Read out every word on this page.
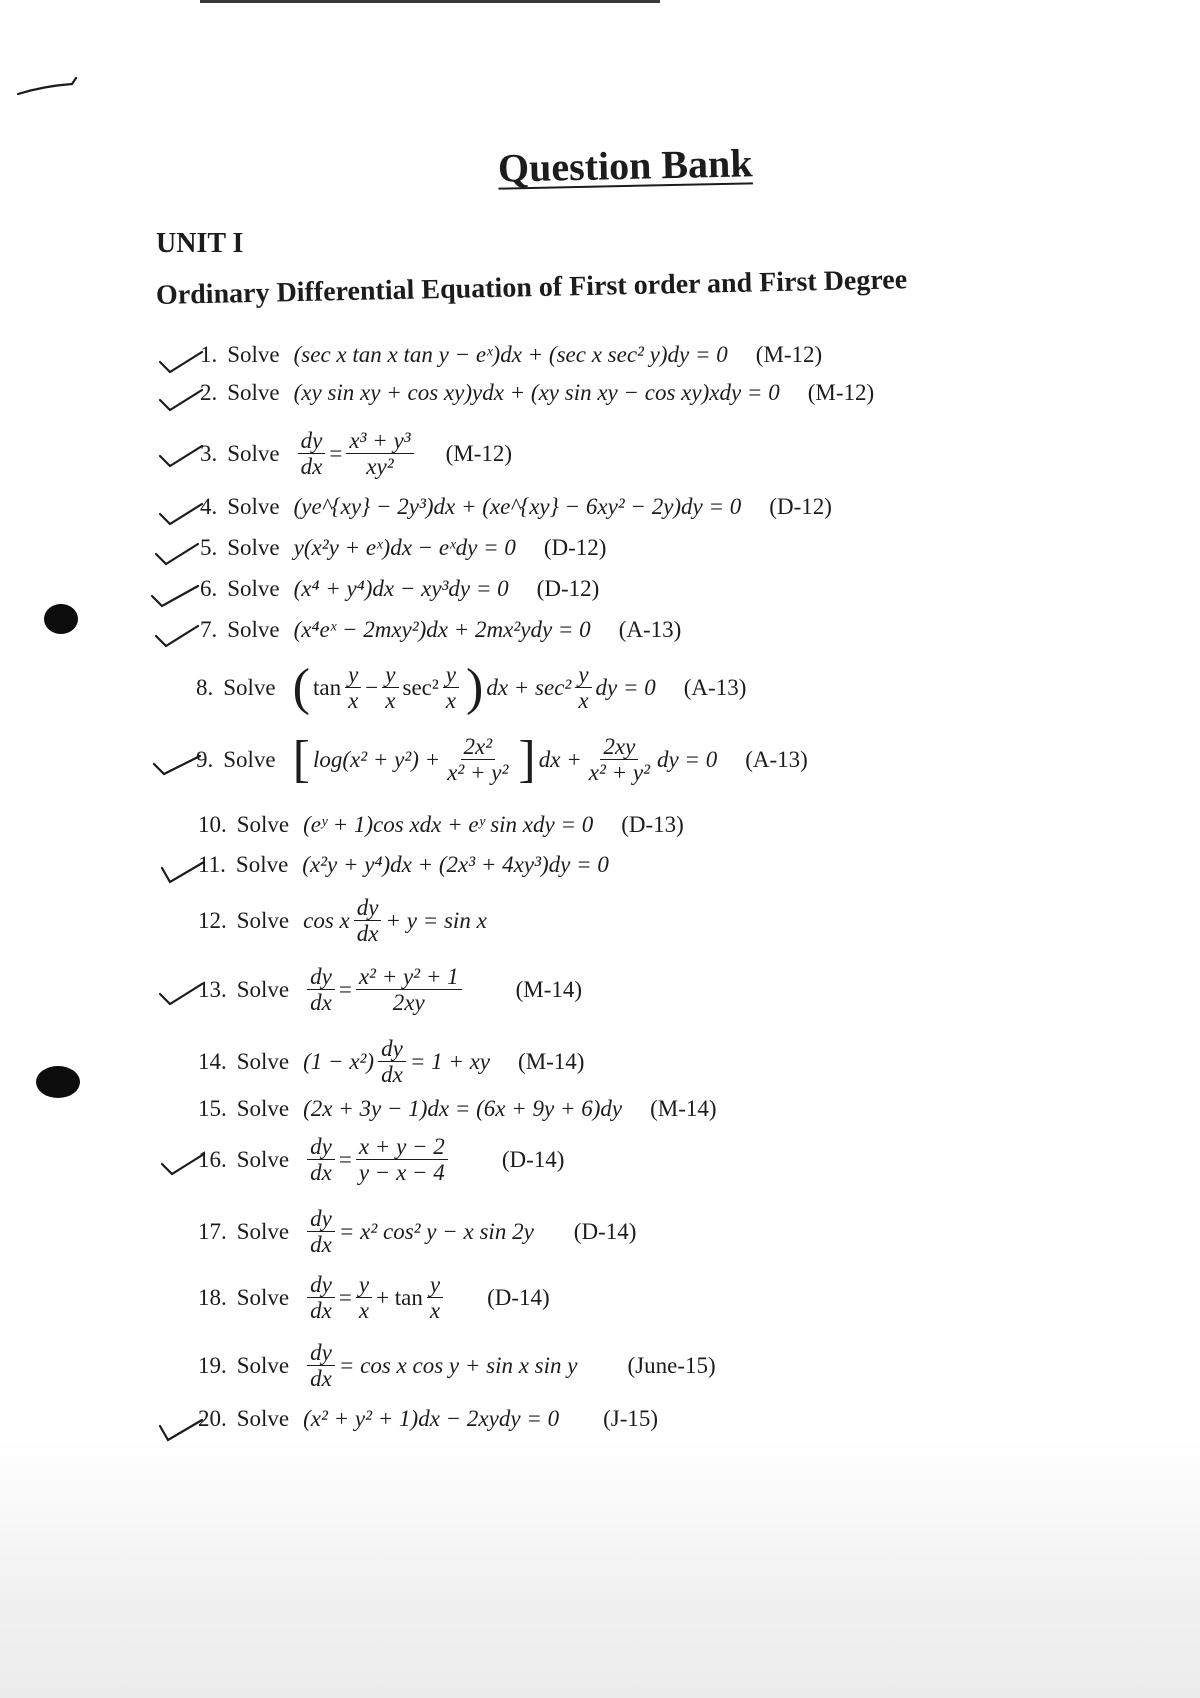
Question Bank
UNIT I
Ordinary Differential Equation of First order and First Degree
1. Solve (sec x tan x tan y − eˣ)dx + (sec x sec² y)dy = 0 (M-12)
2. Solve (xy sin xy + cos xy)ydx + (xy sin xy − cos xy)xdy = 0 (M-12)
3. Solve $\frac{dy}{dx} = \frac{\text{x³ + y³}}{\text{xy²}} (M-12)$
4. Solve (ye^{xy} − 2y³)dx + (xe^{xy} − 6xy² − 2y)dy = 0 (D-12)
5. Solve y(x²y + eˣ)dx − eˣdy = 0 (D-12)
6. Solve (x⁴ + y⁴)dx − xy³dy = 0 (D-12)
7. Solve (x⁴eˣ − 2mxy²)dx + 2mx²ydy = 0 (A-13)
8. Solve ( $\tan \frac{y}{x} - \frac{y}{x} \sec^2 \frac{y}{x}$ ) dx + $\sec^2 \frac{y}{x}$ dy = 0 (A-13)
9. Solve [ $\log(x^2 + y^2) + \frac{\text{2x²}}{\text{x² + y²}}$ ] dx + $\frac{2xy}{\text{x² + y²}}$ dy = 0 (A-13)
10. Solve (eʸ + 1)cos xdx + eʸ sin xdy = 0 (D-13)
11. Solve (x²y + y⁴)dx + (2x³ + 4xy³)dy = 0
12. Solve cos x $\frac{dy}{dx} + y = \sin x$
13. Solve $\frac{dy}{dx} = \frac{\text{x² + y² + 1}}{2xy} (M-14)$
14. Solve $(1 - x^2) \frac{dy}{dx} = 1$ + xy (M-14)
15. Solve (2x + 3y − 1)dx = (6x + 9y + 6)dy (M-14)
16. Solve $\frac{dy}{dx} = \frac{x + y - 2}{y - x - 4} (D-14)$
17. Solve $\frac{dy}{dx} = x^2$ cos² y − x sin 2y (D-14)
18. Solve $\frac{dy}{dx} = \frac{y}{x} + \tan \frac{y}{x} (D-14)$
19. Solve $\frac{dy}{dx} = \cos x$ cos y + sin x sin y (June-15)
20. Solve (x² + y² + 1)dx − 2xydy = 0 (J-15)
